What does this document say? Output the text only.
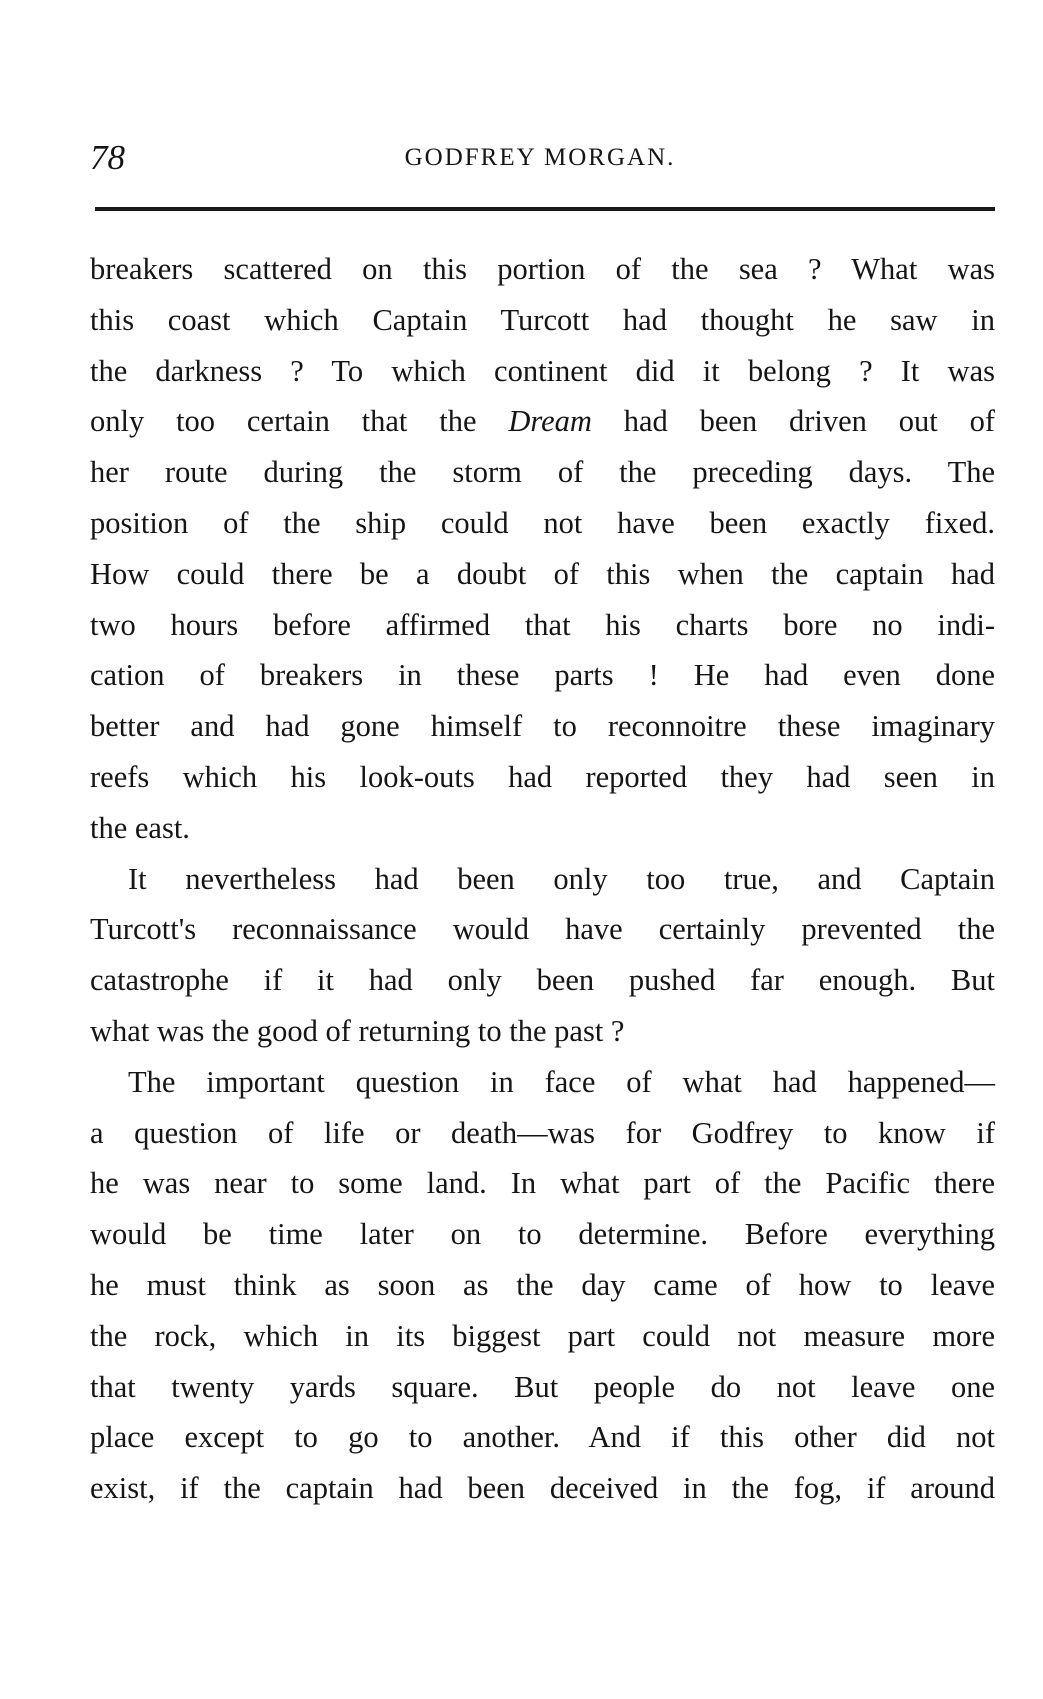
78	GODFREY MORGAN.
breakers scattered on this portion of the sea ? What was
this coast which Captain Turcott had thought he saw in
the darkness ? To which continent did it belong ? It was
only too certain that the Dream had been driven out of
her route during the storm of the preceding days. The
position of the ship could not have been exactly fixed.
How could there be a doubt of this when the captain had
two hours before affirmed that his charts bore no indi-
cation of breakers in these parts ! He had even done
better and had gone himself to reconnoitre these imaginary
reefs which his look-outs had reported they had seen in
the east.
It nevertheless had been only too true, and Captain
Turcott's reconnaissance would have certainly prevented the
catastrophe if it had only been pushed far enough. But
what was the good of returning to the past ?
The important question in face of what had happened—
a question of life or death—was for Godfrey to know if
he was near to some land. In what part of the Pacific there
would be time later on to determine. Before everything
he must think as soon as the day came of how to leave
the rock, which in its biggest part could not measure more
that twenty yards square. But people do not leave one
place except to go to another. And if this other did not
exist, if the captain had been deceived in the fog, if around
